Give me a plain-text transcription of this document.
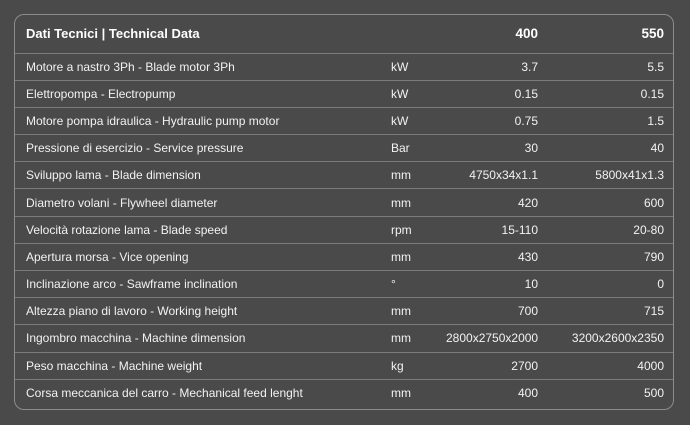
Dati Tecnici | Technical Data		400	550
Motore a nastro 3Ph - Blade motor 3Ph	kW	3.7	5.5
Elettropompa - Electropump	kW	0.15	0.15
Motore pompa idraulica - Hydraulic pump motor	kW	0.75	1.5
Pressione di esercizio - Service pressure	Bar	30	40
Sviluppo lama - Blade dimension	mm	4750x34x1.1	5800x41x1.3
Diametro volani - Flywheel diameter	mm	420	600
Velocità rotazione lama - Blade speed	rpm	15-110	20-80
Apertura morsa - Vice opening	mm	430	790
Inclinazione arco - Sawframe inclination	°	10	0
Altezza piano di lavoro - Working height	mm	700	715
Ingombro macchina - Machine dimension	mm	2800x2750x2000	3200x2600x2350
Peso macchina - Machine weight	kg	2700	4000
Corsa meccanica del carro - Mechanical feed lenght	mm	400	500
